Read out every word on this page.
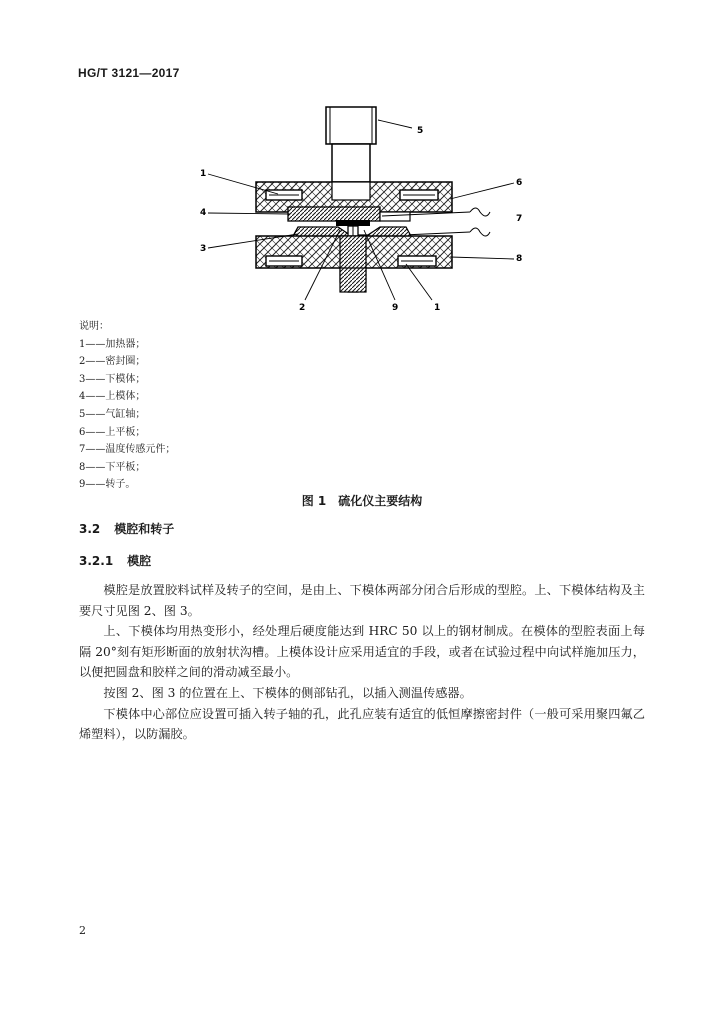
HG/T 3121—2017
5
1
4
3
6
7
8
2	9	1
说明：
1——加热器；
2——密封圈；
3——下模体；
4——上模体；
5——气缸轴；
6——上平板；
7——温度传感元件；
8——下平板；
9——转子。
图 1 硫化仪主要结构
3.2 模腔和转子
3.2.1 模腔

模腔是放置胶料试样及转子的空间，是由上、下模体两部分闭合后形成的型腔。上、下模体结构及主要尺寸见图 2、图 3。

上、下模体均用热变形小，经处理后硬度能达到 HRC 50 以上的钢材制成。在模体的型腔表面上每隔 20°刻有矩形断面的放射状沟槽。上模体设计应采用适宜的手段，或者在试验过程中向试样施加压力，以便把圆盘和胶样之间的滑动减至最小。

按图 2、图 3 的位置在上、下模体的侧部钻孔，以插入测温传感器。

下模体中心部位应设置可插入转子轴的孔，此孔应装有适宜的低恒摩擦密封件（一般可采用聚四氟乙烯塑料），以防漏胶。

2
